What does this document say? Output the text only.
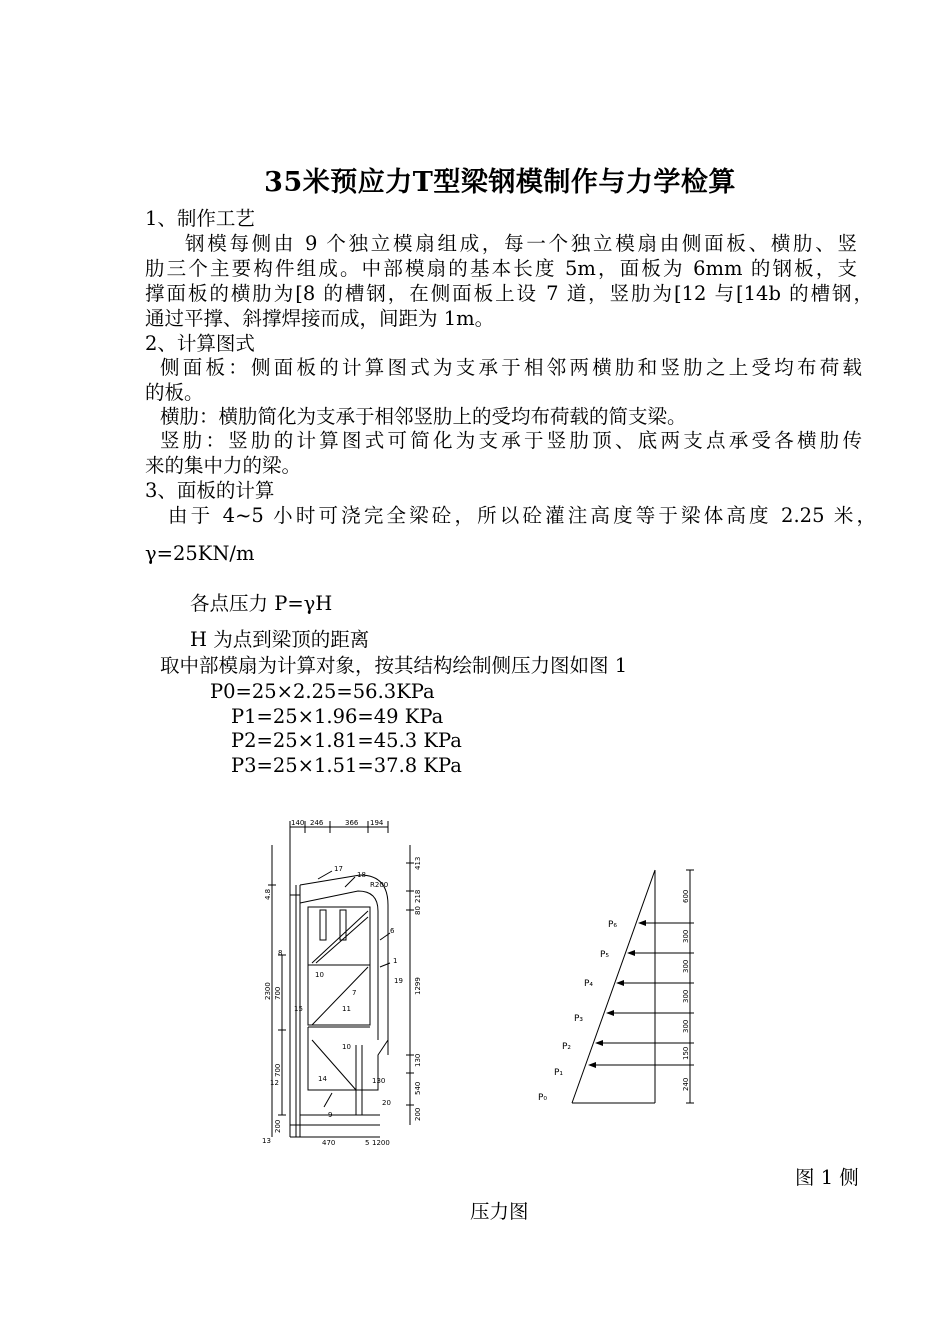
35米预应力T型梁钢模制作与力学检算
1、制作工艺
钢模每侧由 9 个独立模扇组成，每一个独立模扇由侧面板、横肋、竖
肋三个主要构件组成。中部模扇的基本长度 5m，面板为 6mm 的钢板，支
撑面板的横肋为[8 的槽钢，在侧面板上设 7 道，竖肋为[12 与[14b 的槽钢，
通过平撑、斜撑焊接而成，间距为 1m。
2、计算图式
侧面板：侧面板的计算图式为支承于相邻两横肋和竖肋之上受均布荷载
的板。
横肋：横肋简化为支承于相邻竖肋上的受均布荷载的简支梁。
竖肋：竖肋的计算图式可简化为支承于竖肋顶、底两支点承受各横肋传
来的集中力的梁。
3、面板的计算
由于 4~5 小时可浇完全梁砼，所以砼灌注高度等于梁体高度 2.25 米，
γ=25KN/m
各点压力 P=γH
H 为点到梁顶的距离
取中部模扇为计算对象，按其结构绘制侧压力图如图 1
P0=25×2.25=56.3KPa
P1=25×1.96=49 KPa
P2=25×1.81=45.3 KPa
P3=25×1.51=37.8 KPa
140 246	366 194
17
18
R200
6
1
19
8
10
7
11
15
10
14
12
13
9
20
130
5
470	1200
413
218
80
1299
130
540
200
4.8
2300 700
700
200
P₆
P₅
P₄
P₃
P₂
P₁
P₀
600
300
300
300
300
150
240
图 1 侧
压力图
